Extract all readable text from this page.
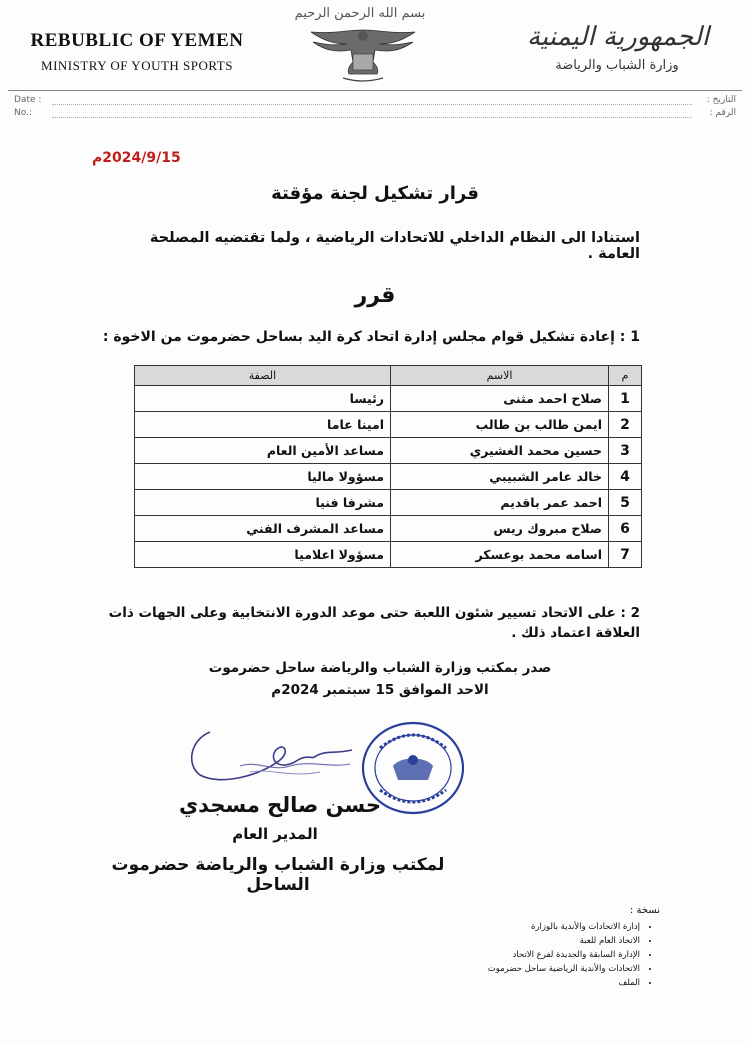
REBUBLIC OF YEMEN
MINISTRY OF YOUTH SPORTS
بسم الله الرحمن الرحيم
الجمهورية اليمنية
وزارة الشباب والرياضة
Date :
No.:
التاريخ :
الرقم :
2024/9/15م
قرار تشكيل لجنة مؤقتة
استنادا الى النظام الداخلي للاتحادات الرياضية ، ولما تقتضيه المصلحة العامة .
قرر
1 : إعادة تشكيل قوام مجلس إدارة اتحاد كرة اليد بساحل حضرموت من الاخوة :
م	الاسم	الصفة
1	صلاح احمد مثنى	رئيسا
2	ايمن طالب بن طالب	امينا عاما
3	حسين محمد الغشيري	مساعد الأمين العام
4	خالد عامر الشبيبي	مسؤولا ماليا
5	احمد عمر باقديم	مشرفا فنيا
6	صلاح مبروك ريس	مساعد المشرف الفني
7	اسامه محمد بوعسكر	مسؤولا اعلاميا
2 : على الاتحاد تسيير شئون اللعبة حتى موعد الدورة الانتخابية وعلى الجهات ذات العلاقة اعتماد ذلك .
صدر بمكتب وزارة الشباب والرياضة ساحل حضرموت
الاحد الموافق 15 سبتمبر 2024م
حسن صالح مسجدي
المدير العام
لمكتب وزارة الشباب والرياضة حضرموت الساحل
نسخة :
• إدارة الاتحادات والأندية بالوزارة
• الاتحاد العام للعبة
• الإدارة السابقة والجديدة لفرع الاتحاد
• الاتحادات والأندية الرياضية ساحل حضرموت
• الملف
